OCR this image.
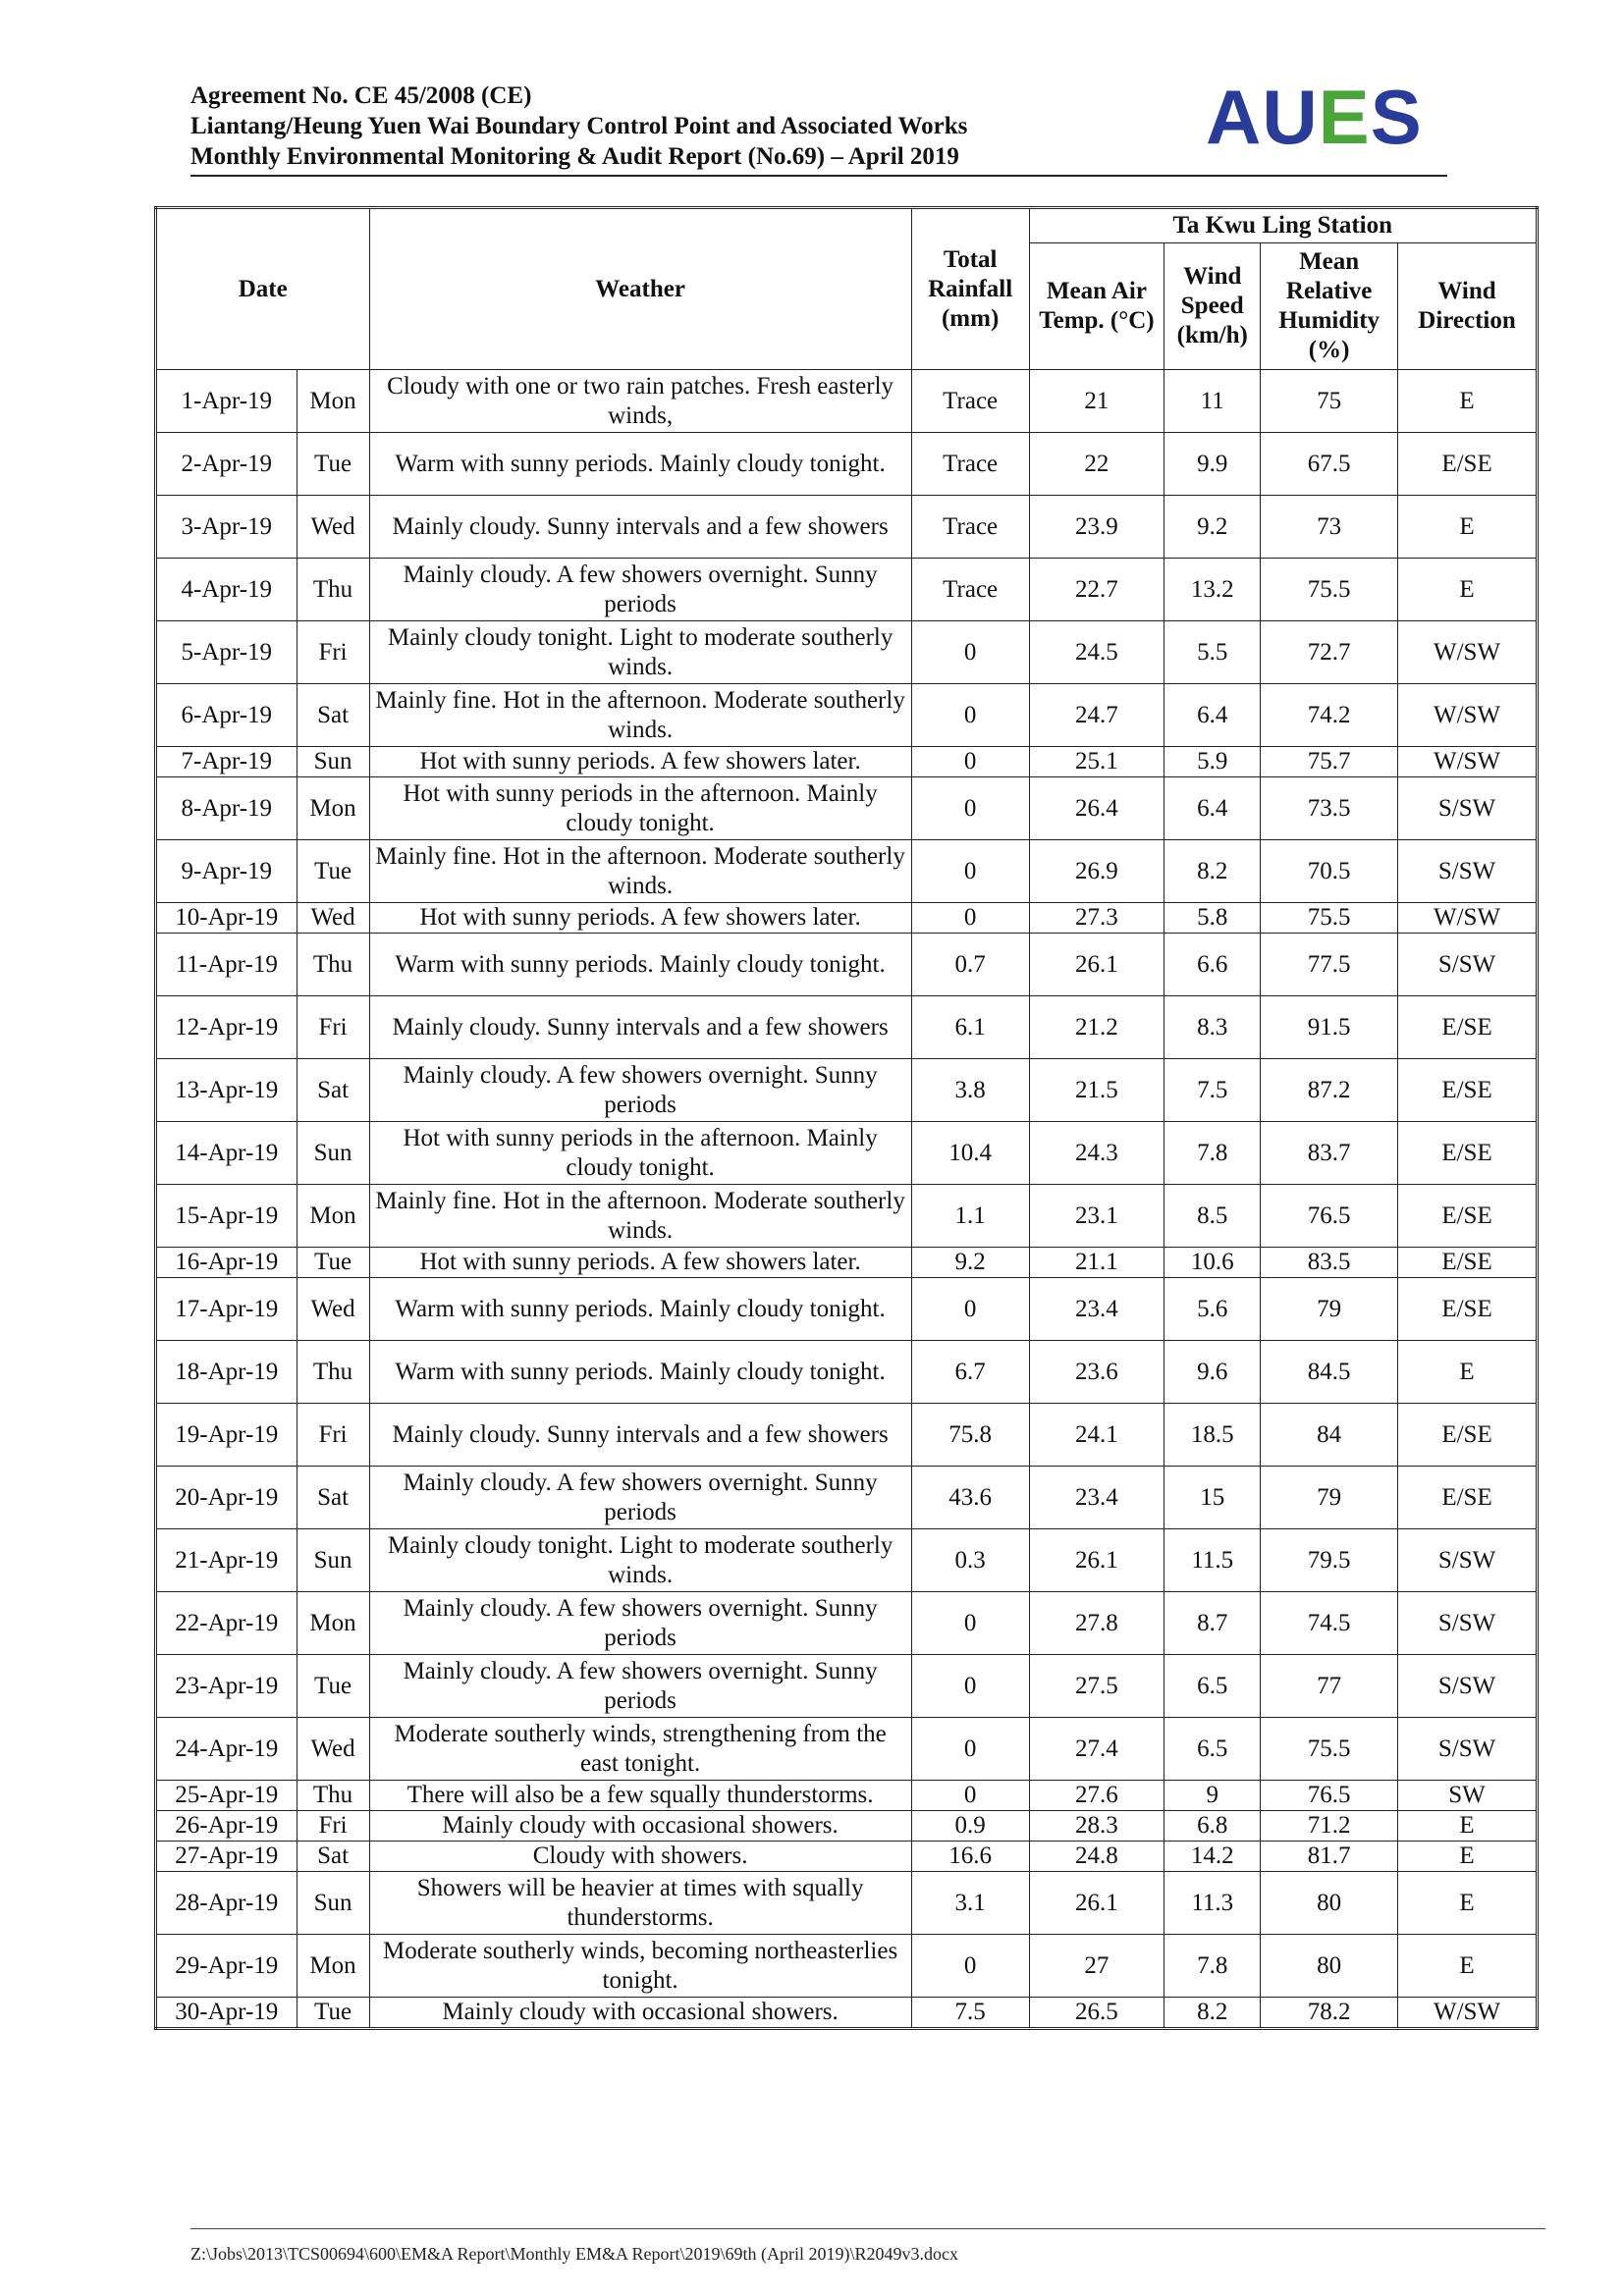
Agreement No. CE 45/2008 (CE)
Liantang/Heung Yuen Wai Boundary Control Point and Associated Works
Monthly Environmental Monitoring & Audit Report (No.69) – April 2019	AUES
Date		Weather	Total Rainfall (mm)	Ta Kwu Ling Station			
				Mean Air Temp. (°C)	Wind Speed (km/h)	Mean Relative Humidity (%)	Wind Direction
1-Apr-19	Mon	Cloudy with one or two rain patches. Fresh easterly winds,	Trace	21	11	75	E
2-Apr-19	Tue	Warm with sunny periods. Mainly cloudy tonight.	Trace	22	9.9	67.5	E/SE
3-Apr-19	Wed	Mainly cloudy. Sunny intervals and a few showers	Trace	23.9	9.2	73	E
4-Apr-19	Thu	Mainly cloudy. A few showers overnight. Sunny periods	Trace	22.7	13.2	75.5	E
5-Apr-19	Fri	Mainly cloudy tonight. Light to moderate southerly winds.	0	24.5	5.5	72.7	W/SW
6-Apr-19	Sat	Mainly fine. Hot in the afternoon. Moderate southerly winds.	0	24.7	6.4	74.2	W/SW
7-Apr-19	Sun	Hot with sunny periods. A few showers later.	0	25.1	5.9	75.7	W/SW
8-Apr-19	Mon	Hot with sunny periods in the afternoon. Mainly cloudy tonight.	0	26.4	6.4	73.5	S/SW
9-Apr-19	Tue	Mainly fine. Hot in the afternoon. Moderate southerly winds.	0	26.9	8.2	70.5	S/SW
10-Apr-19	Wed	Hot with sunny periods. A few showers later.	0	27.3	5.8	75.5	W/SW
11-Apr-19	Thu	Warm with sunny periods. Mainly cloudy tonight.	0.7	26.1	6.6	77.5	S/SW
12-Apr-19	Fri	Mainly cloudy. Sunny intervals and a few showers	6.1	21.2	8.3	91.5	E/SE
13-Apr-19	Sat	Mainly cloudy. A few showers overnight. Sunny periods	3.8	21.5	7.5	87.2	E/SE
14-Apr-19	Sun	Hot with sunny periods in the afternoon. Mainly cloudy tonight.	10.4	24.3	7.8	83.7	E/SE
15-Apr-19	Mon	Mainly fine. Hot in the afternoon. Moderate southerly winds.	1.1	23.1	8.5	76.5	E/SE
16-Apr-19	Tue	Hot with sunny periods. A few showers later.	9.2	21.1	10.6	83.5	E/SE
17-Apr-19	Wed	Warm with sunny periods. Mainly cloudy tonight.	0	23.4	5.6	79	E/SE
18-Apr-19	Thu	Warm with sunny periods. Mainly cloudy tonight.	6.7	23.6	9.6	84.5	E
19-Apr-19	Fri	Mainly cloudy. Sunny intervals and a few showers	75.8	24.1	18.5	84	E/SE
20-Apr-19	Sat	Mainly cloudy. A few showers overnight. Sunny periods	43.6	23.4	15	79	E/SE
21-Apr-19	Sun	Mainly cloudy tonight. Light to moderate southerly winds.	0.3	26.1	11.5	79.5	S/SW
22-Apr-19	Mon	Mainly cloudy. A few showers overnight. Sunny periods	0	27.8	8.7	74.5	S/SW
23-Apr-19	Tue	Mainly cloudy. A few showers overnight. Sunny periods	0	27.5	6.5	77	S/SW
24-Apr-19	Wed	Moderate southerly winds, strengthening from the east tonight.	0	27.4	6.5	75.5	S/SW
25-Apr-19	Thu	There will also be a few squally thunderstorms.	0	27.6	9	76.5	SW
26-Apr-19	Fri	Mainly cloudy with occasional showers.	0.9	28.3	6.8	71.2	E
27-Apr-19	Sat	Cloudy with showers.	16.6	24.8	14.2	81.7	E
28-Apr-19	Sun	Showers will be heavier at times with squally thunderstorms.	3.1	26.1	11.3	80	E
29-Apr-19	Mon	Moderate southerly winds, becoming northeasterlies tonight.	0	27	7.8	80	E
30-Apr-19	Tue	Mainly cloudy with occasional showers.	7.5	26.5	8.2	78.2	W/SW
Z:\Jobs\2013\TCS00694\600\EM&A Report\Monthly EM&A Report\2019\69th (April 2019)\R2049v3.docx
